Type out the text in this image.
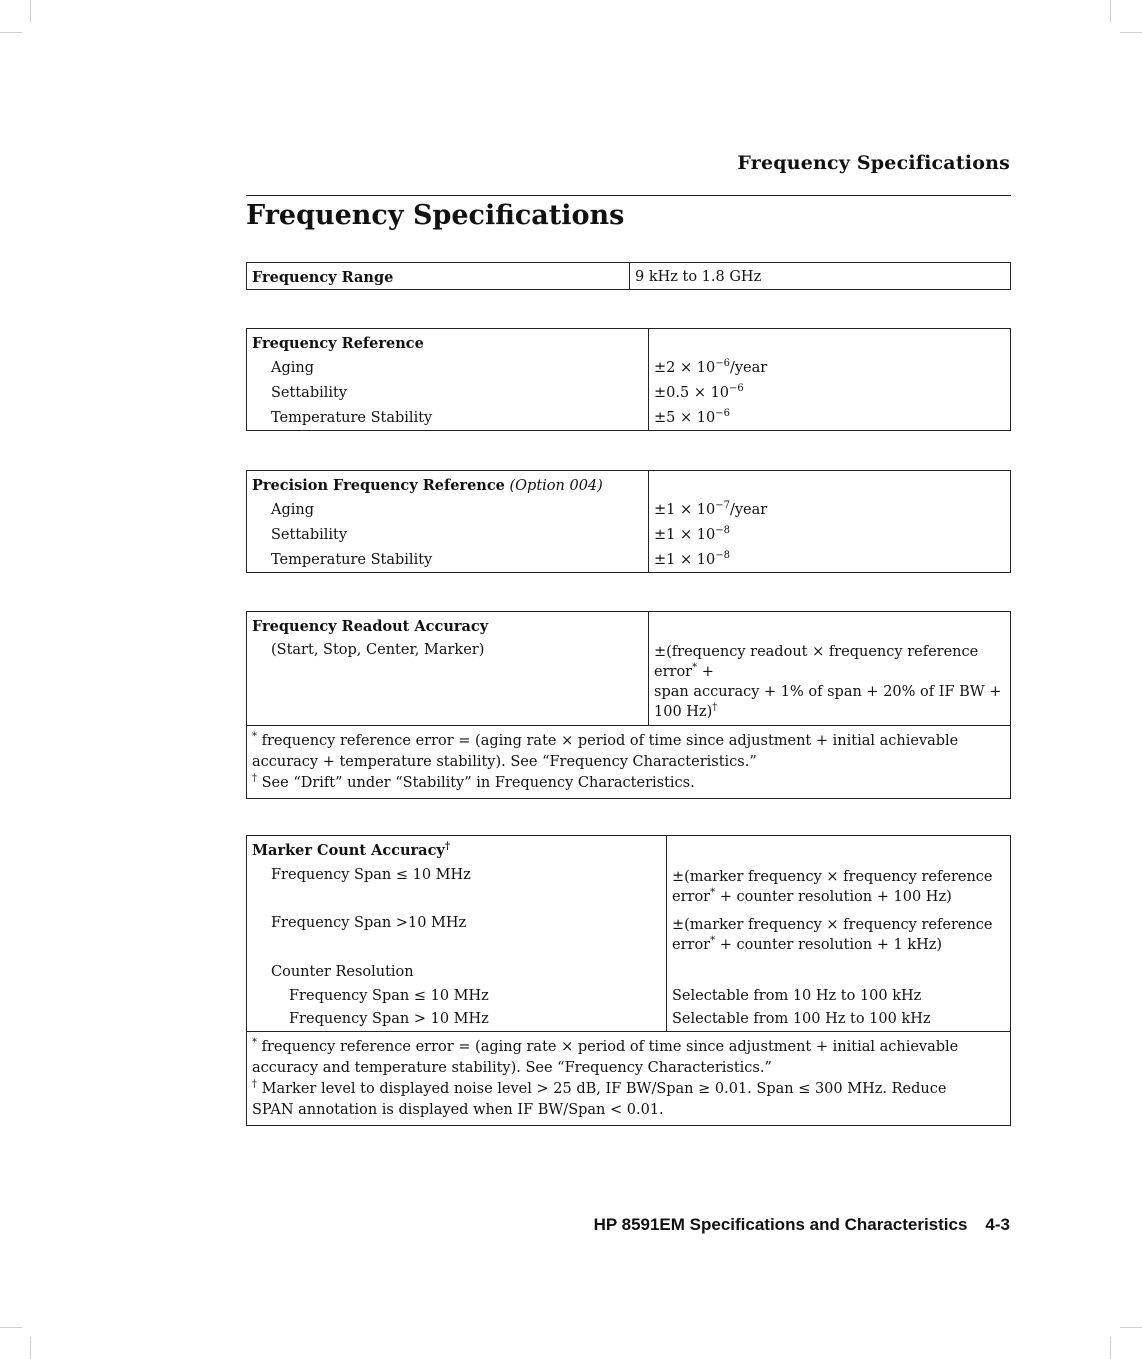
Frequency Specifications
Frequency Specifications
Frequency Range	9 kHz to 1.8 GHz
Frequency Reference	
Aging	$\pm 2 \times 10^{-6}$/year
Settability	$\pm 0.5 \times 10^{-6}$
Temperature Stability	$\pm 5 \times 10^{-6}$
Precision Frequency Reference (Option 004)	
Aging	$\pm 1 \times 10^{-7}$/year
Settability	$\pm 1 \times 10^{-8}$
Temperature Stability	$\pm 1 \times 10^{-8}$
Frequency Readout Accuracy	
(Start, Stop, Center, Marker)	±(frequency readout × frequency reference
error* +
span accuracy + 1% of span + 20% of IF BW +
100 Hz)†
* frequency reference error = (aging rate × period of time since adjustment + initial achievable
accuracy + temperature stability). See “Frequency Characteristics.”
† See “Drift” under “Stability” in Frequency Characteristics.	
Marker Count Accuracy†	
Frequency Span ≤ 10 MHz	±(marker frequency × frequency reference
error* + counter resolution + 100 Hz)
Frequency Span >10 MHz	±(marker frequency × frequency reference
error* + counter resolution + 1 kHz)
Counter Resolution	
Frequency Span ≤ 10 MHz	Selectable from 10 Hz to 100 kHz
Frequency Span > 10 MHz	Selectable from 100 Hz to 100 kHz
* frequency reference error = (aging rate × period of time since adjustment + initial achievable
accuracy and temperature stability). See “Frequency Characteristics.”
† Marker level to displayed noise level > 25 dB, IF BW/Span ≥ 0.01. Span ≤ 300 MHz. Reduce
SPAN annotation is displayed when IF BW/Span < 0.01.	
HP 8591EM Specifications and Characteristics 4-3
